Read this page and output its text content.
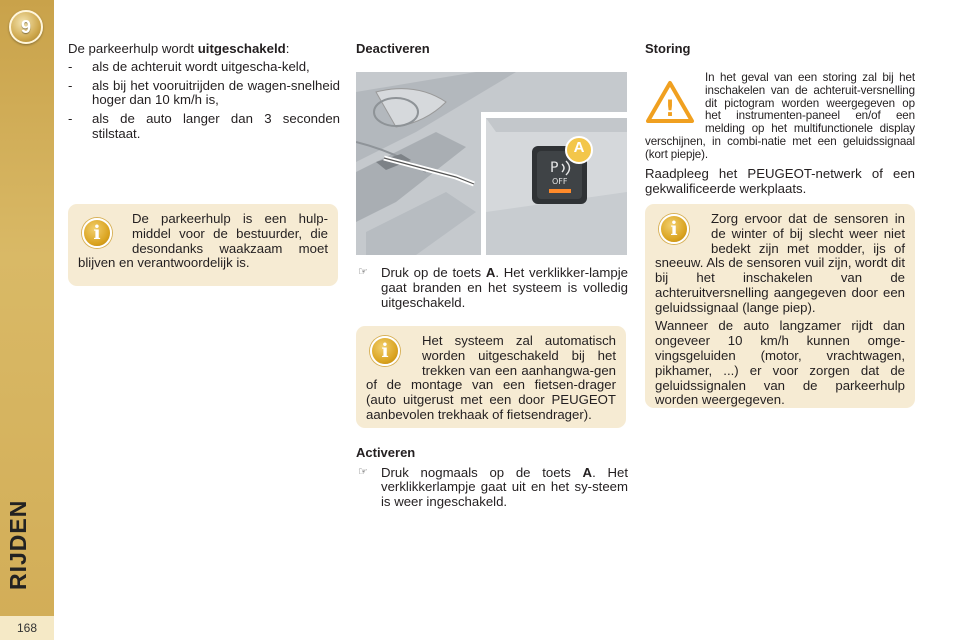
9
RIJDEN
168

De parkeerhulp wordt uitgeschakeld:

- als de achteruit wordt uitgescha-keld,
- als bij het vooruitrijden de wagen-snelheid hoger dan 10 km/h is,
- als de auto langer dan 3 seconden stilstaat.
i

De parkeerhulp is een hulp-middel voor de bestuurder, die desondanks waakzaam moet blijven en verantwoordelijk is.

Deactiveren

P
OFF
A
☞ Druk op de toets A. Het verklikker-lampje gaat branden en het systeem is volledig uitgeschakeld.
i	Het systeem zal automatisch worden uitgeschakeld bij het trekken van een aanhangwa-gen of de montage van een fietsen-drager (auto uitgerust met een door PEUGEOT aanbevolen trekhaak of fietsendrager).

Activeren

☞ Druk nogmaals op de toets A. Het verklikkerlampje gaat uit en het sy-steem is weer ingeschakeld.

Storing

!

In het geval van een storing zal bij het inschakelen van de achteruit-versnelling dit pictogram worden weergegeven op het instrumenten-paneel en/of een melding op het multifunctionele display verschijnen, in combi-natie met een geluidssignaal (kort piepje).

Raadpleeg het PEUGEOT-netwerk of een gekwalificeerde werkplaats.

i	Zorg ervoor dat de sensoren in de winter of bij slecht weer niet bedekt zijn met modder, ijs of sneeuw. Als de sensoren vuil zijn, wordt dit bij het inschakelen van de achteruitversnelling aangegeven door een geluidssignaal (lange piep).

Wanneer de auto langzamer rijdt dan ongeveer 10 km/h kunnen omge-vingsgeluiden (motor, vrachtwagen, pikhamer, ...) er voor zorgen dat de geluidssignalen van de parkeerhulp worden weergegeven.
